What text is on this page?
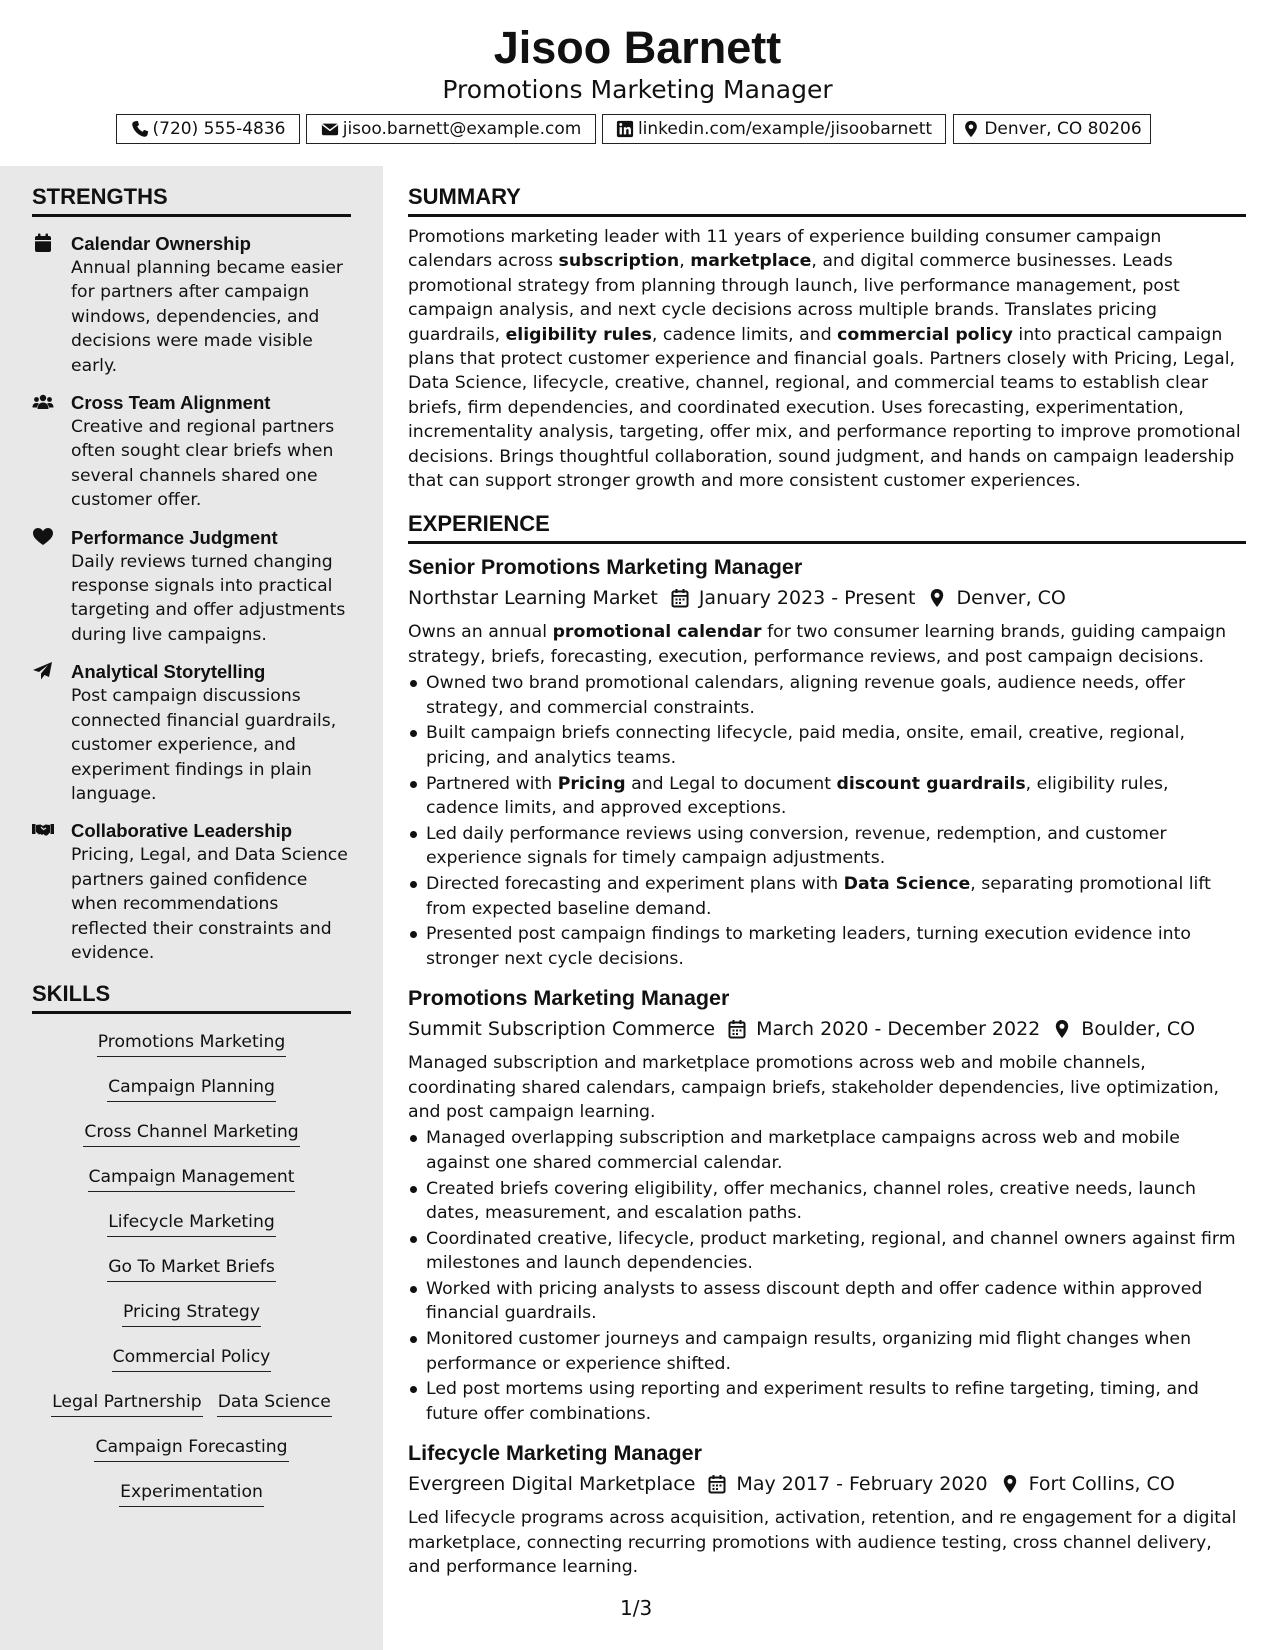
Jisoo Barnett
Promotions Marketing Manager
(720) 555-4836	jisoo.barnett@example.com	linkedin.com/example/jisoobarnett	Denver, CO 80206
STRENGTHS
Calendar Ownership
Annual planning became easier for partners after campaign windows, dependencies, and decisions were made visible early.
Cross Team Alignment
Creative and regional partners often sought clear briefs when several channels shared one customer offer.
Performance Judgment
Daily reviews turned changing response signals into practical targeting and offer adjustments during live campaigns.
Analytical Storytelling
Post campaign discussions connected financial guardrails, customer experience, and experiment findings in plain language.
Collaborative Leadership
Pricing, Legal, and Data Science partners gained confidence when recommendations reflected their constraints and evidence.
SKILLS
Promotions Marketing
Campaign Planning
Cross Channel Marketing
Campaign Management
Lifecycle Marketing
Go To Market Briefs
Pricing Strategy
Commercial Policy
Legal Partnership Data Science
Campaign Forecasting
Experimentation
SUMMARY
Promotions marketing leader with 11 years of experience building consumer campaign calendars across subscription, marketplace, and digital commerce businesses. Leads promotional strategy from planning through launch, live performance management, post campaign analysis, and next cycle decisions across multiple brands. Translates pricing guardrails, eligibility rules, cadence limits, and commercial policy into practical campaign plans that protect customer experience and financial goals. Partners closely with Pricing, Legal, Data Science, lifecycle, creative, channel, regional, and commercial teams to establish clear briefs, firm dependencies, and coordinated execution. Uses forecasting, experimentation, incrementality analysis, targeting, offer mix, and performance reporting to improve promotional decisions. Brings thoughtful collaboration, sound judgment, and hands on campaign leadership that can support stronger growth and more consistent customer experiences.
EXPERIENCE
Senior Promotions Marketing Manager
Northstar Learning Market January 2023 - Present Denver, CO
Owns an annual promotional calendar for two consumer learning brands, guiding campaign strategy, briefs, forecasting, execution, performance reviews, and post campaign decisions.
Owned two brand promotional calendars, aligning revenue goals, audience needs, offer strategy, and commercial constraints.
Built campaign briefs connecting lifecycle, paid media, onsite, email, creative, regional, pricing, and analytics teams.
Partnered with Pricing and Legal to document discount guardrails, eligibility rules, cadence limits, and approved exceptions.
Led daily performance reviews using conversion, revenue, redemption, and customer experience signals for timely campaign adjustments.
Directed forecasting and experiment plans with Data Science, separating promotional lift from expected baseline demand.
Presented post campaign findings to marketing leaders, turning execution evidence into stronger next cycle decisions.
Promotions Marketing Manager
Summit Subscription Commerce March 2020 - December 2022 Boulder, CO
Managed subscription and marketplace promotions across web and mobile channels, coordinating shared calendars, campaign briefs, stakeholder dependencies, live optimization, and post campaign learning.
Managed overlapping subscription and marketplace campaigns across web and mobile against one shared commercial calendar.
Created briefs covering eligibility, offer mechanics, channel roles, creative needs, launch dates, measurement, and escalation paths.
Coordinated creative, lifecycle, product marketing, regional, and channel owners against firm milestones and launch dependencies.
Worked with pricing analysts to assess discount depth and offer cadence within approved financial guardrails.
Monitored customer journeys and campaign results, organizing mid flight changes when performance or experience shifted.
Led post mortems using reporting and experiment results to refine targeting, timing, and future offer combinations.
Lifecycle Marketing Manager
Evergreen Digital Marketplace May 2017 - February 2020 Fort Collins, CO
Led lifecycle programs across acquisition, activation, retention, and re engagement for a digital marketplace, connecting recurring promotions with audience testing, cross channel delivery, and performance learning.
1/3
